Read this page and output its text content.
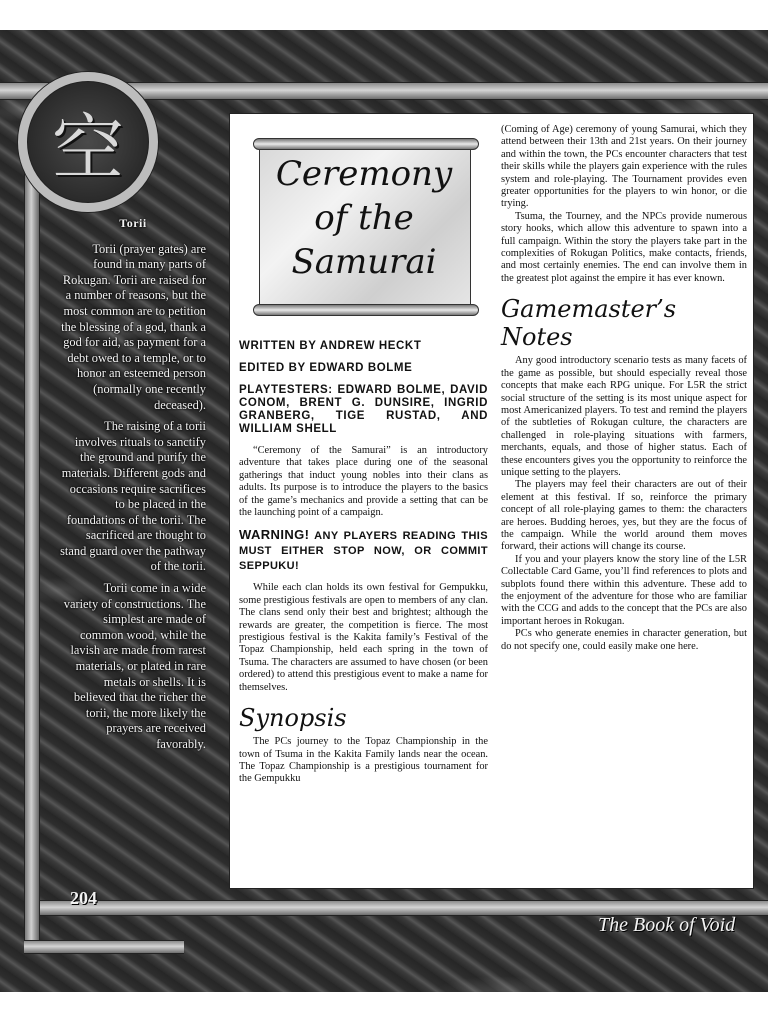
空
Torii

Torii (prayer gates) are found in many parts of Rokugan. Torii are raised for a number of reasons, but the most common are to petition the blessing of a god, thank a god for aid, as payment for a debt owed to a temple, or to honor an esteemed person (normally one recently deceased).

The raising of a torii involves rituals to sanctify the ground and purify the materials. Different gods and occasions require sacrifices to be placed in the foundations of the torii. The sacrificed are thought to stand guard over the pathway of the torii.

Torii come in a wide variety of constructions. The simplest are made of common wood, while the lavish are made from rarest materials, or plated in rare metals or shells. It is believed that the richer the torii, the more likely the prayers are received favorably.

204
The Book of Void
Ceremony
of the
Samurai
WRITTEN BY ANDREW HECKT
EDITED BY EDWARD BOLME
PLAYTESTERS: EDWARD BOLME, DAVID CONOM, BRENT G. DUNSIRE, INGRID GRANBERG, TIGE RUSTAD, AND WILLIAM SHELL

“Ceremony of the Samurai” is an introductory adventure that takes place during one of the seasonal gatherings that induct young nobles into their clans as adults. Its purpose is to introduce the players to the basics of the game’s mechanics and provide a setting that can be the launching point of a campaign.

WARNING! ANY PLAYERS READING THIS MUST EITHER STOP NOW, OR COMMIT SEPPUKU!

While each clan holds its own festival for Gempukku, some prestigious festivals are open to members of any clan. The clans send only their best and brightest; although the rewards are greater, the competition is fierce. The most prestigious festival is the Kakita family’s Festival of the Topaz Championship, held each spring in the town of Tsuma. The characters are assumed to have chosen (or been ordered) to attend this prestigious event to make a name for themselves.

Synopsis

The PCs journey to the Topaz Championship in the town of Tsuma in the Kakita Family lands near the ocean. The Topaz Championship is a prestigious tournament for the Gempukku

(Coming of Age) ceremony of young Samurai, which they attend between their 13th and 21st years. On their journey and within the town, the PCs encounter characters that test their skills while the players gain experience with the rules system and role-playing. The Tournament provides even greater opportunities for the players to win honor, or die trying.

Tsuma, the Tourney, and the NPCs provide numerous story hooks, which allow this adventure to spawn into a full campaign. Within the story the players take part in the complexities of Rokugan Politics, make contacts, friends, and most certainly enemies. The end can involve them in the greatest plot against the empire it has ever known.

Gamemaster’s Notes

Any good introductory scenario tests as many facets of the game as possible, but should especially reveal those concepts that make each RPG unique. For L5R the strict social structure of the setting is its most unique aspect for most Americanized players. To test and remind the players of the subtleties of Rokugan culture, the characters are challenged in role-playing situations with farmers, merchants, equals, and those of higher status. Each of these encounters gives you the opportunity to reinforce the unique setting to the players.

The players may feel their characters are out of their element at this festival. If so, reinforce the primary concept of all role-playing games to them: the characters are heroes. Budding heroes, yes, but they are the focus of the campaign. While the world around them moves forward, their actions will change its course.

If you and your players know the story line of the L5R Collectable Card Game, you’ll find references to plots and subplots found there within this adventure. These add to the enjoyment of the adventure for those who are familiar with the CCG and adds to the concept that the PCs are also important heroes in Rokugan.

PCs who generate enemies in character generation, but do not specify one, could easily make one here.
